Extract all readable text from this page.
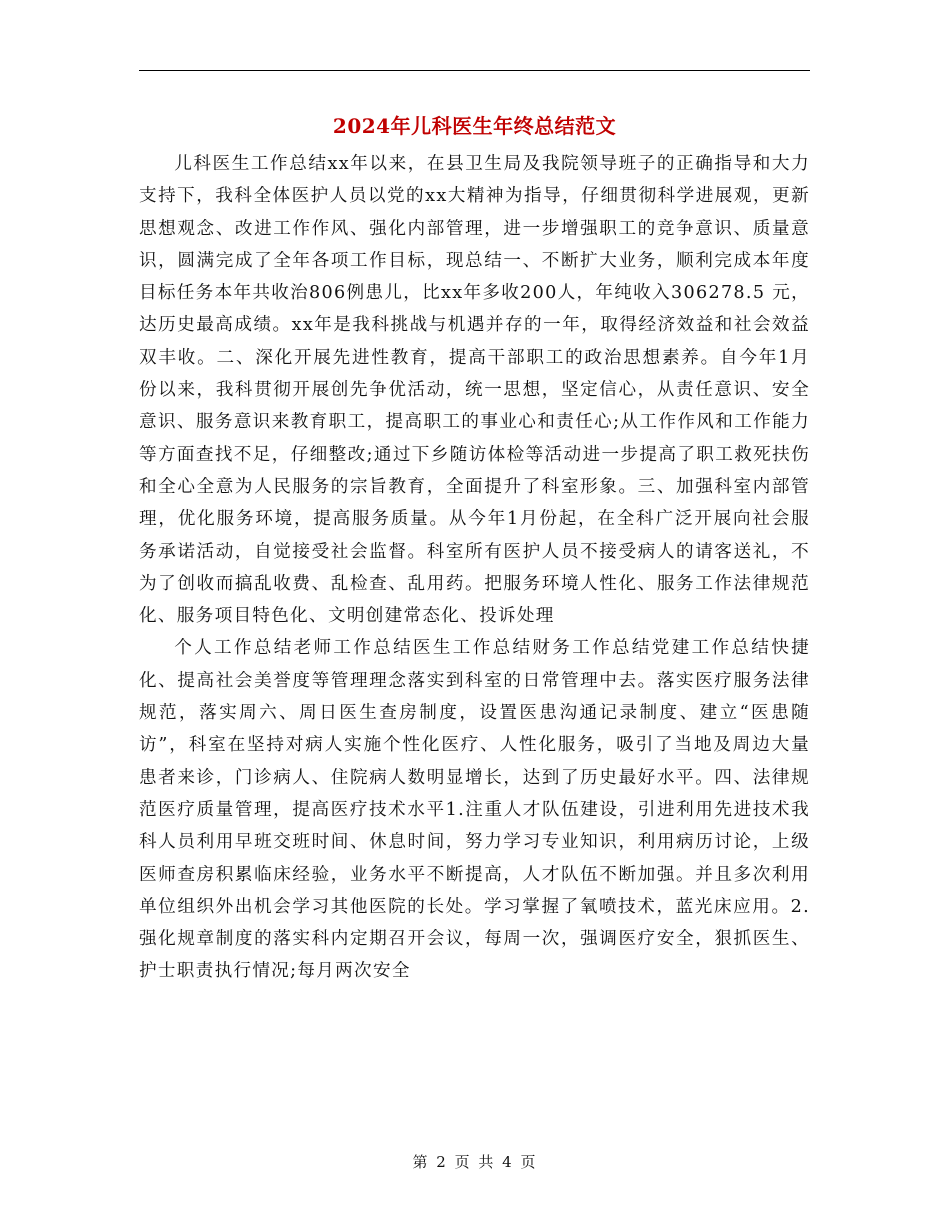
2024年儿科医生年终总结范文

儿科医生工作总结xx年以来，在县卫生局及我院领导班子的正确指导和大力支持下，我科全体医护人员以党的xx大精神为指导，仔细贯彻科学进展观，更新思想观念、改进工作作风、强化内部管理，进一步增强职工的竞争意识、质量意识，圆满完成了全年各项工作目标，现总结一、不断扩大业务，顺利完成本年度目标任务本年共收治806例患儿，比xx年多收200人，年纯收入306278.5 元，达历史最高成绩。xx年是我科挑战与机遇并存的一年，取得经济效益和社会效益双丰收。二、深化开展先进性教育，提高干部职工的政治思想素养。自今年1月份以来，我科贯彻开展创先争优活动，统一思想，坚定信心，从责任意识、安全意识、服务意识来教育职工，提高职工的事业心和责任心;从工作作风和工作能力等方面查找不足，仔细整改;通过下乡随访体检等活动进一步提高了职工救死扶伤和全心全意为人民服务的宗旨教育，全面提升了科室形象。三、加强科室内部管理，优化服务环境，提高服务质量。从今年1月份起，在全科广泛开展向社会服务承诺活动，自觉接受社会监督。科室所有医护人员不接受病人的请客送礼，不为了创收而搞乱收费、乱检查、乱用药。把服务环境人性化、服务工作法律规范化、服务项目特色化、文明创建常态化、投诉处理

个人工作总结老师工作总结医生工作总结财务工作总结党建工作总结快捷化、提高社会美誉度等管理理念落实到科室的日常管理中去。落实医疗服务法律规范，落实周六、周日医生查房制度，设置医患沟通记录制度、建立“医患随访”，科室在坚持对病人实施个性化医疗、人性化服务，吸引了当地及周边大量患者来诊，门诊病人、住院病人数明显增长，达到了历史最好水平。四、法律规范医疗质量管理，提高医疗技术水平1.注重人才队伍建设，引进利用先进技术我科人员利用早班交班时间、休息时间，努力学习专业知识，利用病历讨论，上级医师查房积累临床经验，业务水平不断提高，人才队伍不断加强。并且多次利用单位组织外出机会学习其他医院的长处。学习掌握了氧喷技术，蓝光床应用。2.强化规章制度的落实科内定期召开会议，每周一次，强调医疗安全，狠抓医生、护士职责执行情况;每月两次安全

第 2 页 共 4 页
